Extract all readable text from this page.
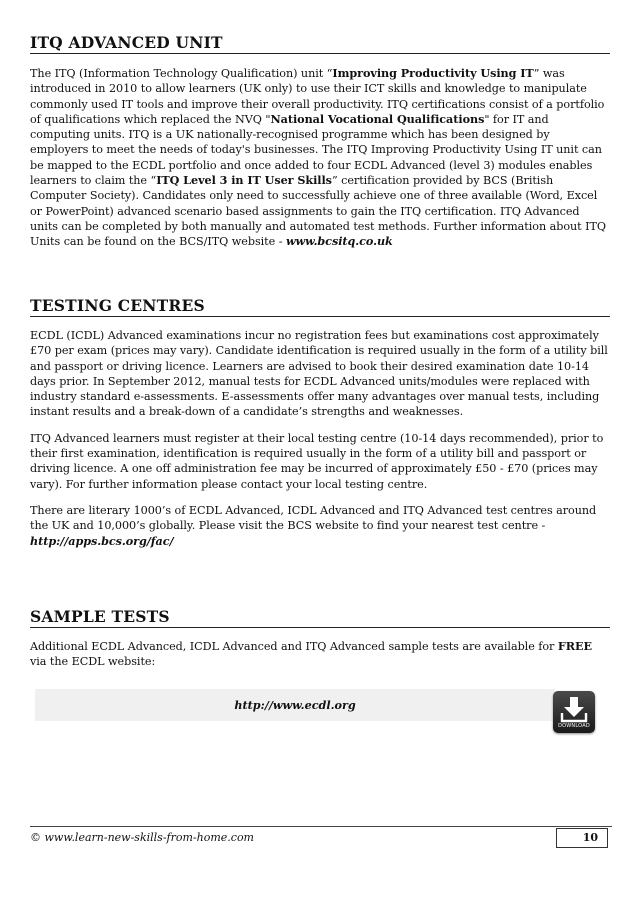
ITQ ADVANCED UNIT

The ITQ (Information Technology Qualification) unit “Improving Productivity Using IT” was introduced in 2010 to allow learners (UK only) to use their ICT skills and knowledge to manipulate commonly used IT tools and improve their overall productivity. ITQ certifications consist of a portfolio of qualifications which replaced the NVQ "National Vocational Qualifications" for IT and computing units. ITQ is a UK nationally-recognised programme which has been designed by employers to meet the needs of today's businesses. The ITQ Improving Productivity Using IT unit can be mapped to the ECDL portfolio and once added to four ECDL Advanced (level 3) modules enables learners to claim the “ITQ Level 3 in IT User Skills” certification provided by BCS (British Computer Society). Candidates only need to successfully achieve one of three available (Word, Excel or PowerPoint) advanced scenario based assignments to gain the ITQ certification. ITQ Advanced units can be completed by both manually and automated test methods. Further information about ITQ Units can be found on the BCS/ITQ website - www.bcsitq.co.uk

TESTING CENTRES

ECDL (ICDL) Advanced examinations incur no registration fees but examinations cost approximately £70 per exam (prices may vary). Candidate identification is required usually in the form of a utility bill and passport or driving licence. Learners are advised to book their desired examination date 10-14 days prior. In September 2012, manual tests for ECDL Advanced units/modules were replaced with industry standard e-assessments. E-assessments offer many advantages over manual tests, including instant results and a break-down of a candidate’s strengths and weaknesses.

ITQ Advanced learners must register at their local testing centre (10-14 days recommended), prior to their first examination, identification is required usually in the form of a utility bill and passport or driving licence. A one off administration fee may be incurred of approximately £50 - £70 (prices may vary). For further information please contact your local testing centre.

There are literary 1000’s of ECDL Advanced, ICDL Advanced and ITQ Advanced test centres around the UK and 10,000’s globally. Please visit the BCS website to find your nearest test centre - http://apps.bcs.org/fac/

SAMPLE TESTS

Additional ECDL Advanced, ICDL Advanced and ITQ Advanced sample tests are available for FREE via the ECDL website:

http://www.ecdl.org
DOWNLOAD
© www.learn-new-skills-from-home.com	10
